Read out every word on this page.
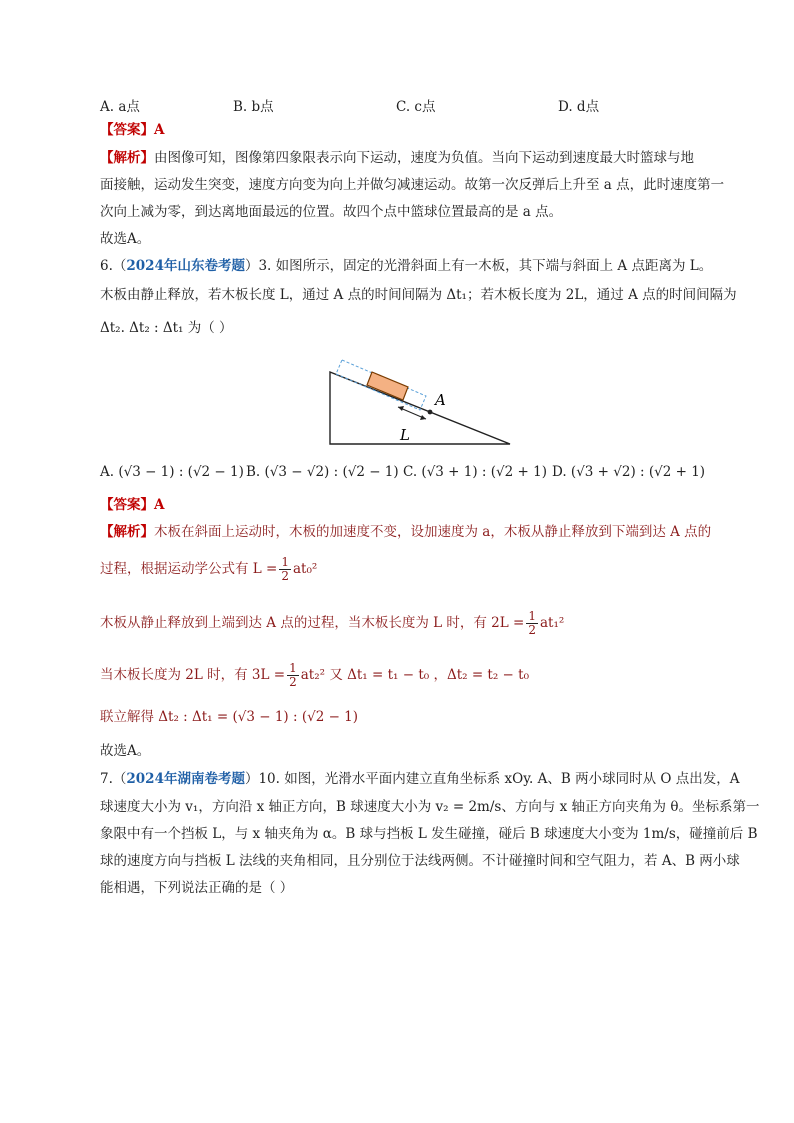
A. a点	B. b点	C. c点	D. d点
【答案】A
【解析】由图像可知，图像第四象限表示向下运动，速度为负值。当向下运动到速度最大时篮球与地
面接触，运动发生突变，速度方向变为向上并做匀减速运动。故第一次反弹后上升至 a 点，此时速度第一
次向上减为零，到达离地面最远的位置。故四个点中篮球位置最高的是 a 点。
故选A。
6.（2024年山东卷考题）3. 如图所示，固定的光滑斜面上有一木板，其下端与斜面上 A 点距离为 L。
木板由静止释放，若木板长度 L，通过 A 点的时间间隔为 Δt₁；若木板长度为 2L，通过 A 点的时间间隔为
Δt₂. Δt₂ : Δt₁ 为（ ）
A
L
A. (√3 − 1) : (√2 − 1) B. (√3 − √2) : (√2 − 1) C. (√3 + 1) : (√2 + 1) D. (√3 + √2) : (√2 + 1)
【答案】A
【解析】木板在斜面上运动时，木板的加速度不变，设加速度为 a，木板从静止释放到下端到达 A 点的
过程，根据运动学公式有 $L = \frac{1}{2} at_0^2$
木板从静止释放到上端到达 A 点的过程，当木板长度为 L 时，有 $2L = \frac{1}{2} at_1^2$
当木板长度为 2L 时，有 $3L = \frac{1}{2} at_2^2$ 又 Δt₁ = t₁ − t₀ ，Δt₂ = t₂ − t₀
联立解得 Δt₂ : Δt₁ = (√3 − 1) : (√2 − 1)
故选A。
7.（2024年湖南卷考题）10. 如图，光滑水平面内建立直角坐标系 xOy. A、B 两小球同时从 O 点出发，A
球速度大小为 v₁，方向沿 x 轴正方向，B 球速度大小为 v₂ = 2m/s、方向与 x 轴正方向夹角为 θ。坐标系第一
象限中有一个挡板 L，与 x 轴夹角为 α。B 球与挡板 L 发生碰撞，碰后 B 球速度大小变为 1m/s，碰撞前后 B
球的速度方向与挡板 L 法线的夹角相同，且分别位于法线两侧。不计碰撞时间和空气阻力，若 A、B 两小球
能相遇，下列说法正确的是（ ）
